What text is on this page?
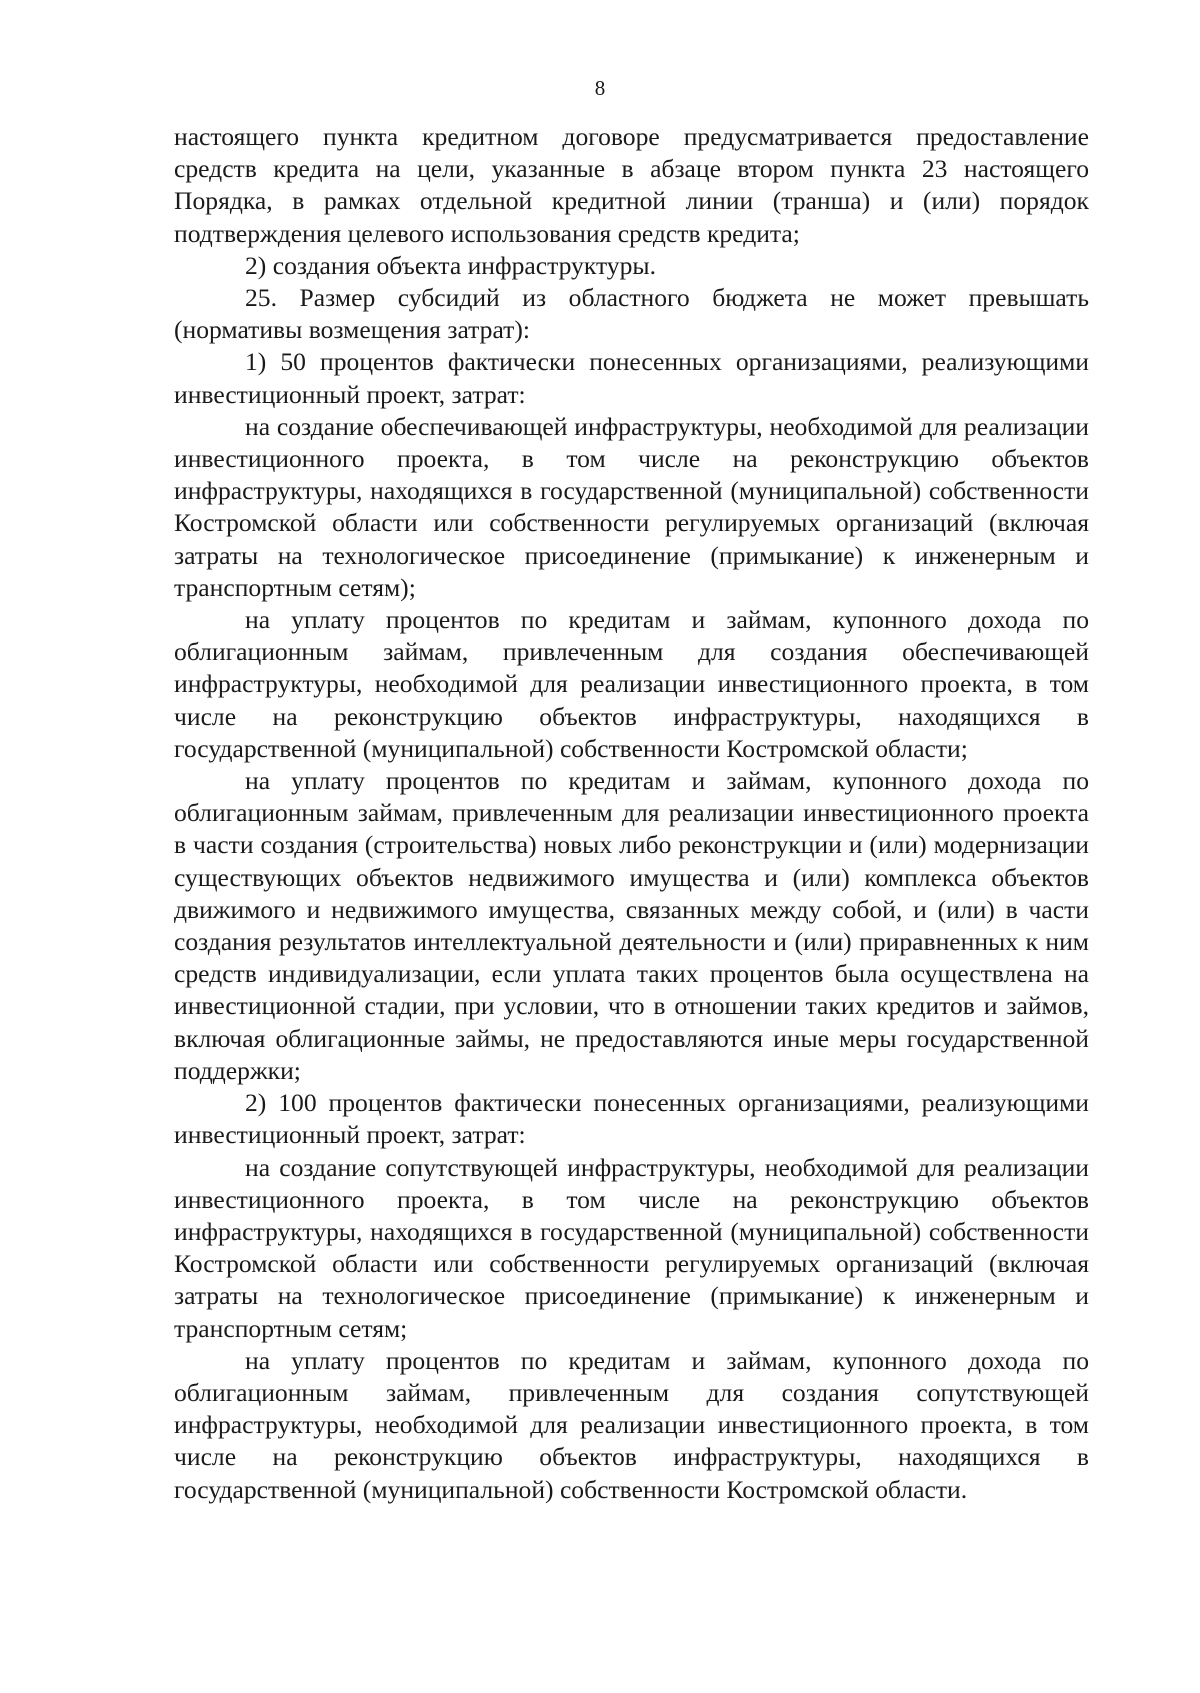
8

настоящего пункта кредитном договоре предусматривается предоставление средств кредита на цели, указанные в абзаце втором пункта 23 настоящего Порядка, в рамках отдельной кредитной линии (транша) и (или) порядок подтверждения целевого использования средств кредита;

2) создания объекта инфраструктуры.

25. Размер субсидий из областного бюджета не может превышать (нормативы возмещения затрат):

1) 50 процентов фактически понесенных организациями, реализующими инвестиционный проект, затрат:

на создание обеспечивающей инфраструктуры, необходимой для реализации инвестиционного проекта, в том числе на реконструкцию объектов инфраструктуры, находящихся в государственной (муниципальной) собственности Костромской области или собственности регулируемых организаций (включая затраты на технологическое присоединение (примыкание) к инженерным и транспортным сетям);

на уплату процентов по кредитам и займам, купонного дохода по облигационным займам, привлеченным для создания обеспечивающей инфраструктуры, необходимой для реализации инвестиционного проекта, в том числе на реконструкцию объектов инфраструктуры, находящихся в государственной (муниципальной) собственности Костромской области;

на уплату процентов по кредитам и займам, купонного дохода по облигационным займам, привлеченным для реализации инвестиционного проекта в части создания (строительства) новых либо реконструкции и (или) модернизации существующих объектов недвижимого имущества и (или) комплекса объектов движимого и недвижимого имущества, связанных между собой, и (или) в части создания результатов интеллектуальной деятельности и (или) приравненных к ним средств индивидуализации, если уплата таких процентов была осуществлена на инвестиционной стадии, при условии, что в отношении таких кредитов и займов, включая облигационные займы, не предоставляются иные меры государственной поддержки;

2) 100 процентов фактически понесенных организациями, реализующими инвестиционный проект, затрат:

на создание сопутствующей инфраструктуры, необходимой для реализации инвестиционного проекта, в том числе на реконструкцию объектов инфраструктуры, находящихся в государственной (муниципальной) собственности Костромской области или собственности регулируемых организаций (включая затраты на технологическое присоединение (примыкание) к инженерным и транспортным сетям;

на уплату процентов по кредитам и займам, купонного дохода по облигационным займам, привлеченным для создания сопутствующей инфраструктуры, необходимой для реализации инвестиционного проекта, в том числе на реконструкцию объектов инфраструктуры, находящихся в государственной (муниципальной) собственности Костромской области.
